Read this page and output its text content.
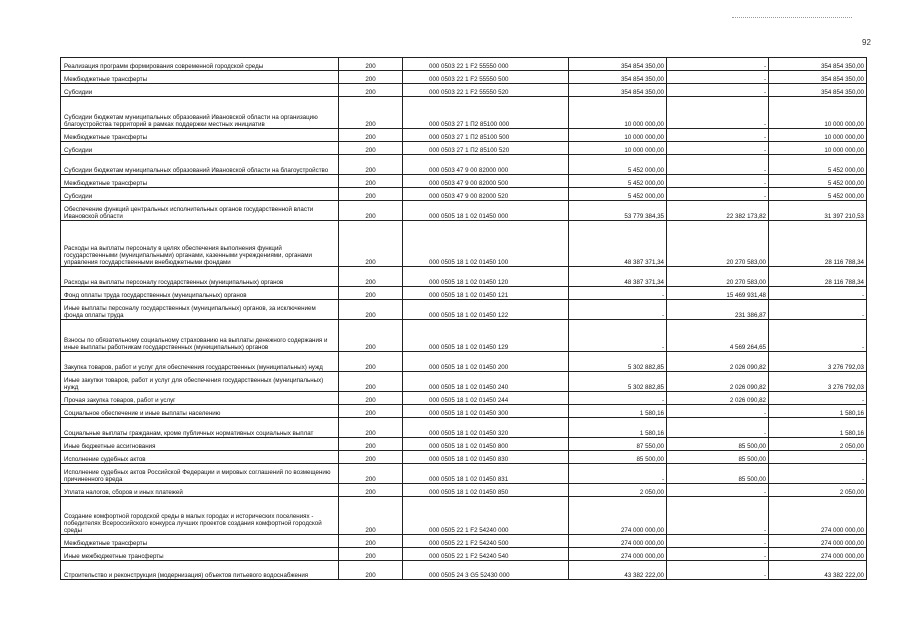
92
Реализация программ формирования современной городской среды	200	000 0503 22 1 F2 55550 000	354 854 350,00	-	354 854 350,00
Межбюджетные трансферты	200	000 0503 22 1 F2 55550 500	354 854 350,00	-	354 854 350,00
Субсидии	200	000 0503 22 1 F2 55550 520	354 854 350,00	-	354 854 350,00
Субсидии бюджетам муниципальных образований Ивановской области на организацию благоустройства территорий в рамках поддержки местных инициатив	200	000 0503 27 1 П2 85100 000	10 000 000,00	-	10 000 000,00
Межбюджетные трансферты	200	000 0503 27 1 П2 85100 500	10 000 000,00	-	10 000 000,00
Субсидии	200	000 0503 27 1 П2 85100 520	10 000 000,00	-	10 000 000,00
Субсидии бюджетам муниципальных образований Ивановской области на благоустройство	200	000 0503 47 9 00 82000 000	5 452 000,00	-	5 452 000,00
Межбюджетные трансферты	200	000 0503 47 9 00 82000 500	5 452 000,00	-	5 452 000,00
Субсидии	200	000 0503 47 9 00 82000 520	5 452 000,00	-	5 452 000,00
Обеспечение функций центральных исполнительных органов государственной власти Ивановской области	200	000 0505 18 1 02 01450 000	53 779 384,35	22 382 173,82	31 397 210,53
Расходы на выплаты персоналу в целях обеспечения выполнения функций государственными (муниципальными) органами, казенными учреждениями, органами управления государственными внебюджетными фондами	200	000 0505 18 1 02 01450 100	48 387 371,34	20 270 583,00	28 116 788,34
Расходы на выплаты персоналу государственных (муниципальных) органов	200	000 0505 18 1 02 01450 120	48 387 371,34	20 270 583,00	28 116 788,34
Фонд оплаты труда государственных (муниципальных) органов	200	000 0505 18 1 02 01450 121	-	15 469 931,48	-
Иные выплаты персоналу государственных (муниципальных) органов, за исключением фонда оплаты труда	200	000 0505 18 1 02 01450 122	-	231 386,87	-
Взносы по обязательному социальному страхованию на выплаты денежного содержания и иные выплаты работникам государственных (муниципальных) органов	200	000 0505 18 1 02 01450 129	-	4 569 264,65	-
Закупка товаров, работ и услуг для обеспечения государственных (муниципальных) нужд	200	000 0505 18 1 02 01450 200	5 302 882,85	2 026 090,82	3 276 792,03
Иные закупки товаров, работ и услуг для обеспечения государственных (муниципальных) нужд	200	000 0505 18 1 02 01450 240	5 302 882,85	2 026 090,82	3 276 792,03
Прочая закупка товаров, работ и услуг	200	000 0505 18 1 02 01450 244	-	2 026 090,82	-
Социальное обеспечение и иные выплаты населению	200	000 0505 18 1 02 01450 300	1 580,16	-	1 580,16
Социальные выплаты гражданам, кроме публичных нормативных социальных выплат	200	000 0505 18 1 02 01450 320	1 580,16	-	1 580,16
Иные бюджетные ассигнования	200	000 0505 18 1 02 01450 800	87 550,00	85 500,00	2 050,00
Исполнение судебных актов	200	000 0505 18 1 02 01450 830	85 500,00	85 500,00	-
Исполнение судебных актов Российской Федерации и мировых соглашений по возмещению причиненного вреда	200	000 0505 18 1 02 01450 831	-	85 500,00	-
Уплата налогов, сборов и иных платежей	200	000 0505 18 1 02 01450 850	2 050,00	-	2 050,00
Создание комфортной городской среды в малых городах и исторических поселениях - победителях Всероссийского конкурса лучших проектов создания комфортной городской среды	200	000 0505 22 1 F2 54240 000	274 000 000,00	-	274 000 000,00
Межбюджетные трансферты	200	000 0505 22 1 F2 54240 500	274 000 000,00	-	274 000 000,00
Иные межбюджетные трансферты	200	000 0505 22 1 F2 54240 540	274 000 000,00	-	274 000 000,00
Строительство и реконструкция (модернизация) объектов питьевого водоснабжения	200	000 0505 24 3 G5 52430 000	43 382 222,00	-	43 382 222,00
